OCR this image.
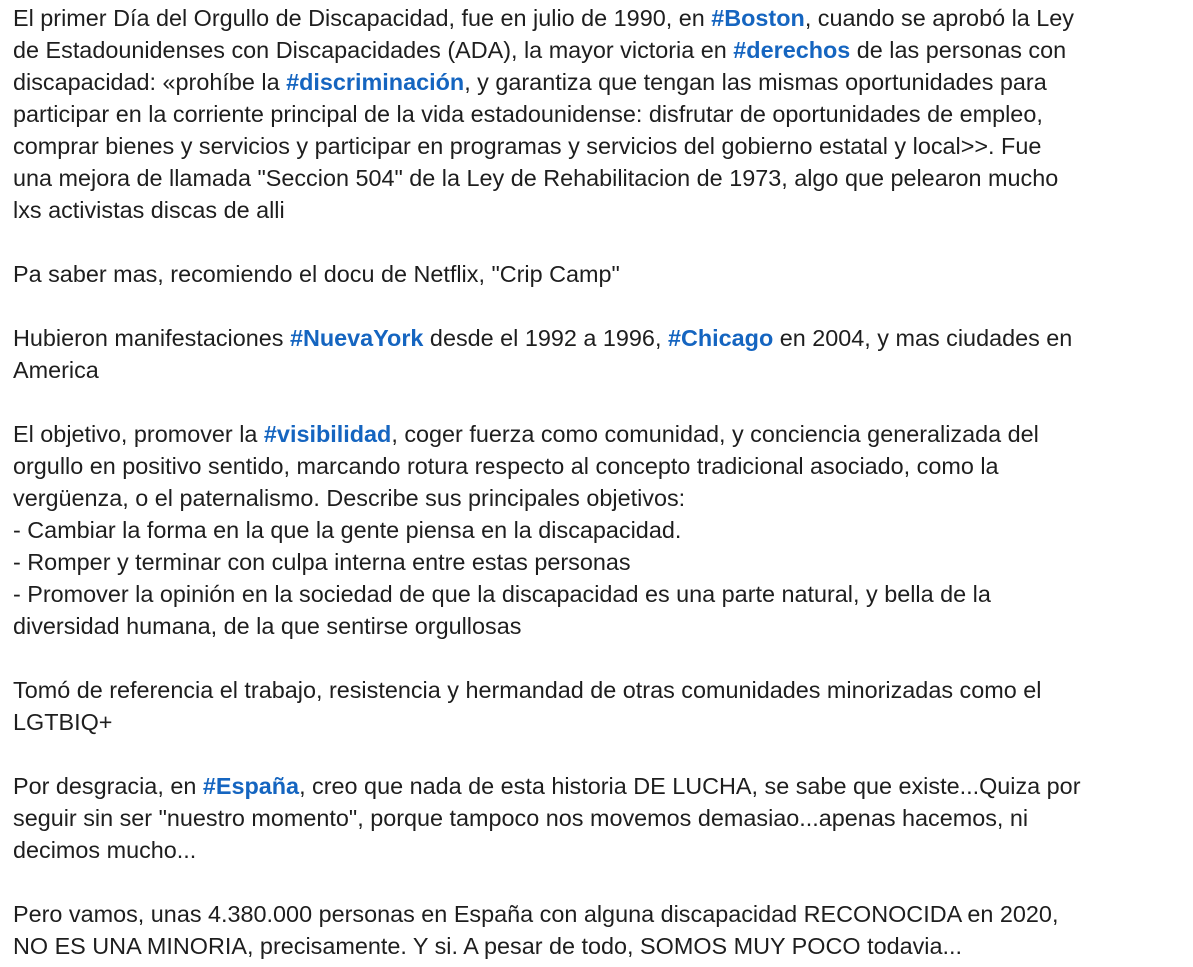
El primer Día del Orgullo de Discapacidad, fue en julio de 1990, en #Boston, cuando se aprobó la Ley
de Estadounidenses con Discapacidades (ADA), la mayor victoria en #derechos de las personas con
discapacidad: «prohíbe la #discriminación, y garantiza que tengan las mismas oportunidades para
participar en la corriente principal de la vida estadounidense: disfrutar de oportunidades de empleo,
comprar bienes y servicios y participar en programas y servicios del gobierno estatal y local>>. Fue
una mejora de llamada "Seccion 504" de la Ley de Rehabilitacion de 1973, algo que pelearon mucho
lxs activistas discas de alli
Pa saber mas, recomiendo el docu de Netflix, "Crip Camp"
Hubieron manifestaciones #NuevaYork desde el 1992 a 1996, #Chicago en 2004, y mas ciudades en
America
El objetivo, promover la #visibilidad, coger fuerza como comunidad, y conciencia generalizada del
orgullo en positivo sentido, marcando rotura respecto al concepto tradicional asociado, como la
vergüenza, o el paternalismo. Describe sus principales objetivos:
- Cambiar la forma en la que la gente piensa en la discapacidad.
- Romper y terminar con culpa interna entre estas personas
- Promover la opinión en la sociedad de que la discapacidad es una parte natural, y bella de la
diversidad humana, de la que sentirse orgullosas
Tomó de referencia el trabajo, resistencia y hermandad de otras comunidades minorizadas como el
LGTBIQ+
Por desgracia, en #España, creo que nada de esta historia DE LUCHA, se sabe que existe...Quiza por
seguir sin ser "nuestro momento", porque tampoco nos movemos demasiao...apenas hacemos, ni
decimos mucho...
Pero vamos, unas 4.380.000 personas en España con alguna discapacidad RECONOCIDA en 2020,
NO ES UNA MINORIA, precisamente. Y si. A pesar de todo, SOMOS MUY POCO todavia...
